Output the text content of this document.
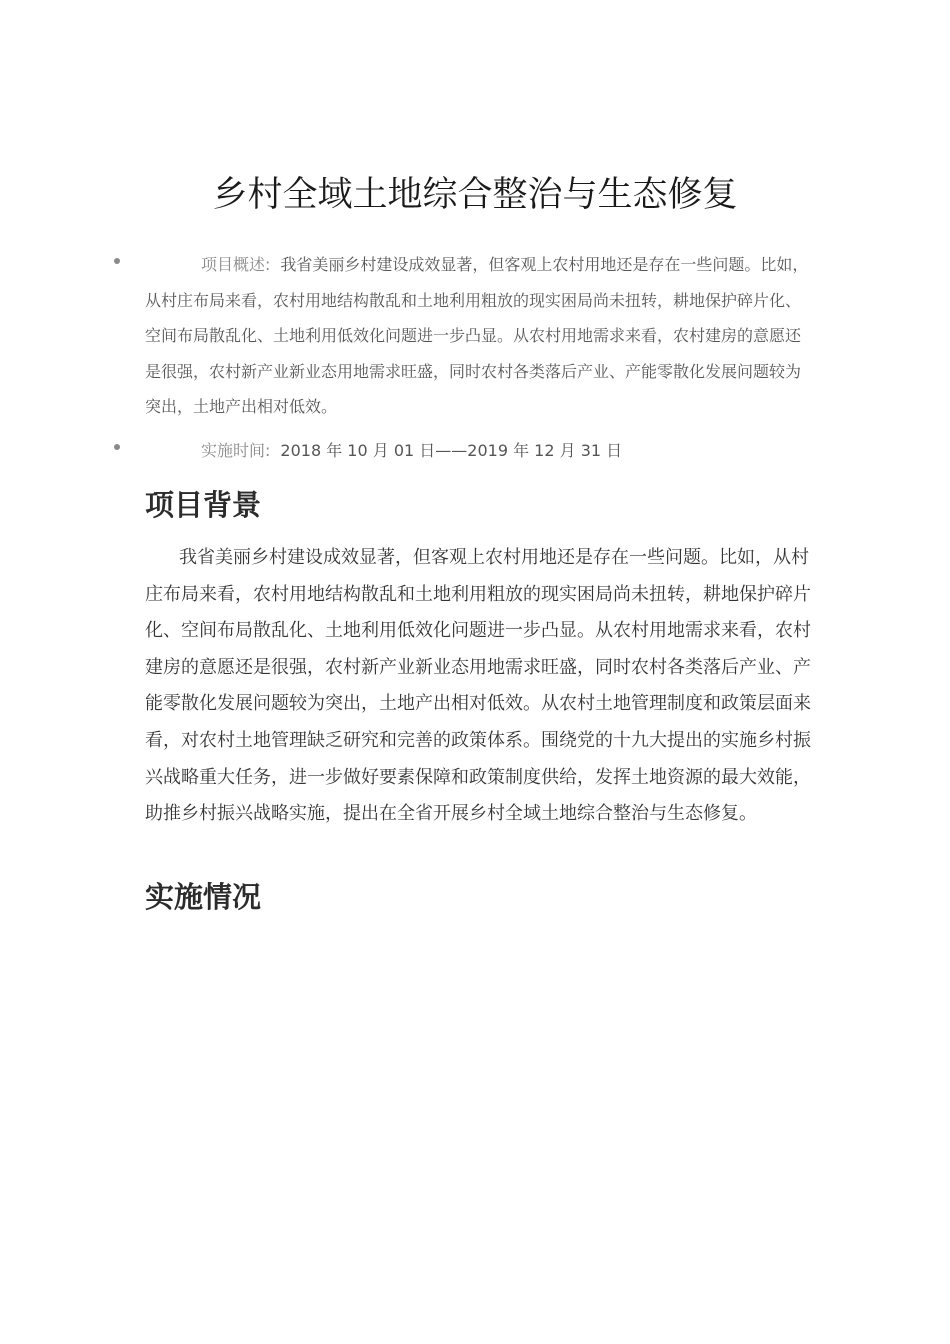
乡村全域土地综合整治与生态修复

项目概述: 我省美丽乡村建设成效显著，但客观上农村用地还是存在一些问题。比如，从村庄布局来看，农村用地结构散乱和土地利用粗放的现实困局尚未扭转，耕地保护碎片化、空间布局散乱化、土地利用低效化问题进一步凸显。从农村用地需求来看，农村建房的意愿还是很强，农村新产业新业态用地需求旺盛，同时农村各类落后产业、产能零散化发展问题较为突出，土地产出相对低效。

实施时间: 2018 年 10 月 01 日——2019 年 12 月 31 日

项目背景

我省美丽乡村建设成效显著，但客观上农村用地还是存在一些问题。比如，从村庄布局来看，农村用地结构散乱和土地利用粗放的现实困局尚未扭转，耕地保护碎片化、空间布局散乱化、土地利用低效化问题进一步凸显。从农村用地需求来看，农村建房的意愿还是很强，农村新产业新业态用地需求旺盛，同时农村各类落后产业、产能零散化发展问题较为突出，土地产出相对低效。从农村土地管理制度和政策层面来看，对农村土地管理缺乏研究和完善的政策体系。围绕党的十九大提出的实施乡村振兴战略重大任务，进一步做好要素保障和政策制度供给，发挥土地资源的最大效能，助推乡村振兴战略实施，提出在全省开展乡村全域土地综合整治与生态修复。

实施情况
